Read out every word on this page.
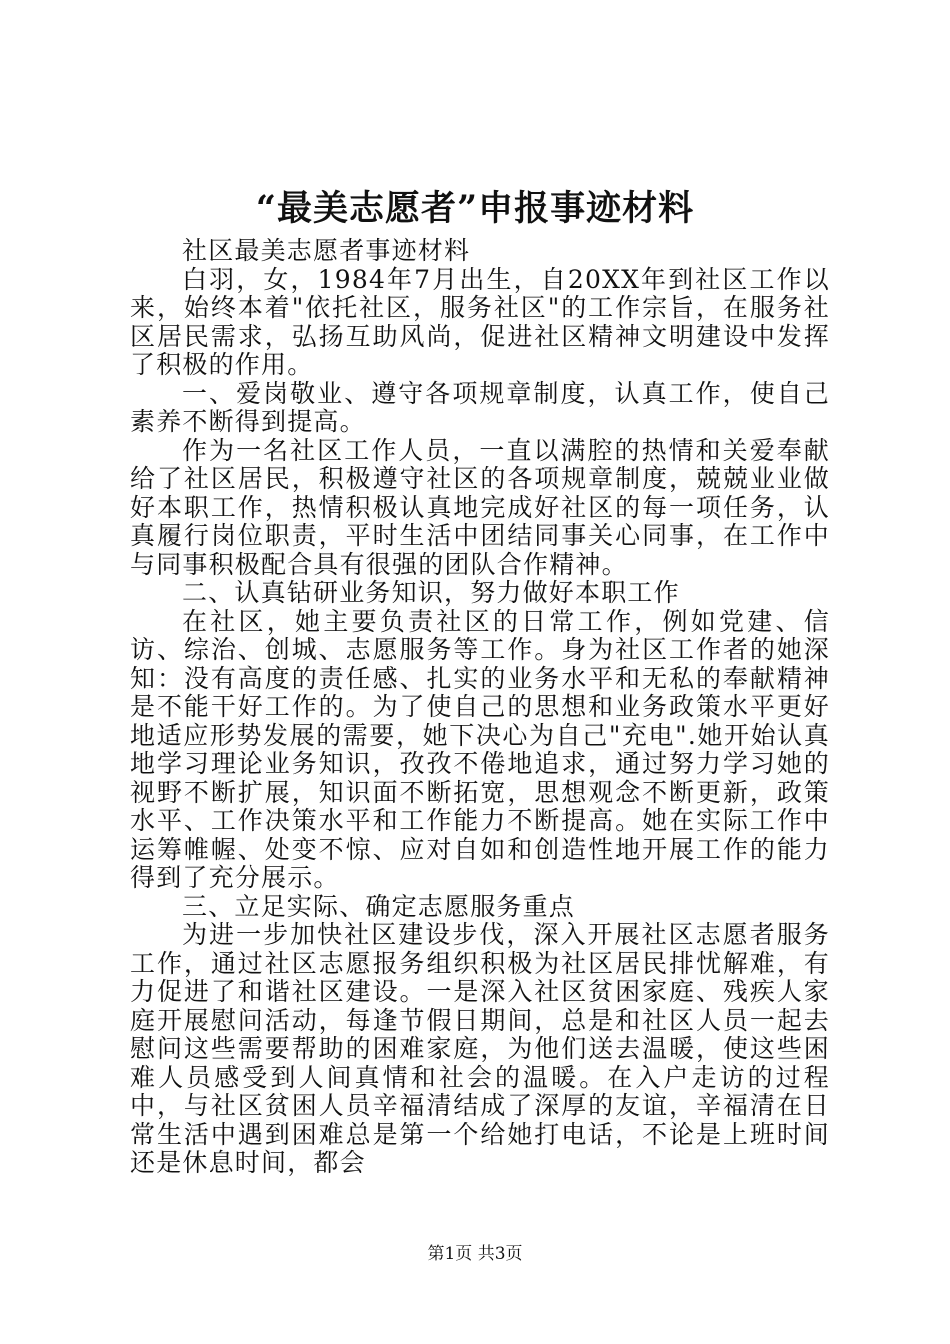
“最美志愿者”申报事迹材料

社区最美志愿者事迹材料

白羽，女，1984年7月出生，自20XX年到社区工作以来，始终本着"依托社区，服务社区"的工作宗旨，在服务社区居民需求，弘扬互助风尚，促进社区精神文明建设中发挥了积极的作用。

一、爱岗敬业、遵守各项规章制度，认真工作，使自己素养不断得到提高。

作为一名社区工作人员，一直以满腔的热情和关爱奉献给了社区居民，积极遵守社区的各项规章制度，兢兢业业做好本职工作，热情积极认真地完成好社区的每一项任务，认真履行岗位职责，平时生活中团结同事关心同事，在工作中与同事积极配合具有很强的团队合作精神。

二、认真钻研业务知识，努力做好本职工作

在社区，她主要负责社区的日常工作，例如党建、信访、综治、创城、志愿服务等工作。身为社区工作者的她深知：没有高度的责任感、扎实的业务水平和无私的奉献精神是不能干好工作的。为了使自己的思想和业务政策水平更好地适应形势发展的需要，她下决心为自己"充电".她开始认真地学习理论业务知识，孜孜不倦地追求，通过努力学习她的视野不断扩展，知识面不断拓宽，思想观念不断更新，政策水平、工作决策水平和工作能力不断提高。她在实际工作中运筹帷幄、处变不惊、应对自如和创造性地开展工作的能力得到了充分展示。

三、立足实际、确定志愿服务重点

为进一步加快社区建设步伐，深入开展社区志愿者服务工作，通过社区志愿报务组织积极为社区居民排忧解难，有力促进了和谐社区建设。一是深入社区贫困家庭、残疾人家庭开展慰问活动，每逢节假日期间，总是和社区人员一起去慰问这些需要帮助的困难家庭，为他们送去温暖，使这些困难人员感受到人间真情和社会的温暖。在入户走访的过程中，与社区贫困人员辛福清结成了深厚的友谊，辛福清在日常生活中遇到困难总是第一个给她打电话，不论是上班时间还是休息时间，都会

第1页 共3页
